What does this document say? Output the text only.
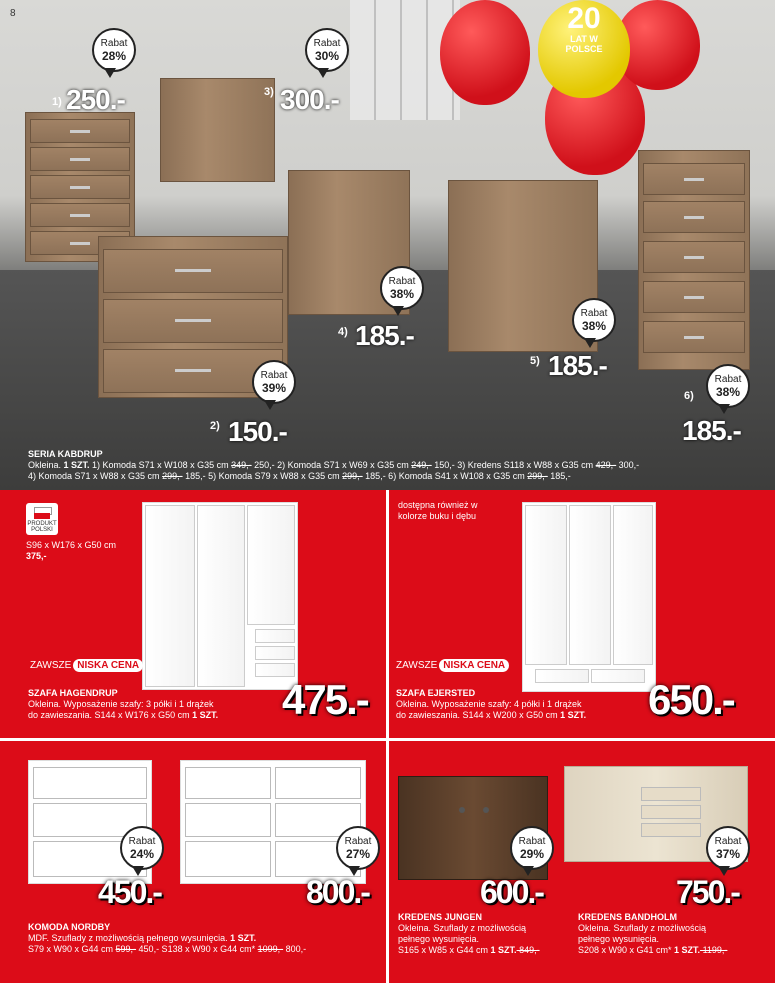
20
LAT W
POLSCE
8
Rabat
28%
Rabat
30%
Rabat
38%
Rabat
38%
Rabat
38%
Rabat
39%
1) 250.-	3) 300.-
4) 185.-
5) 185.-
6)
185.-
2) 150.-
SERIA KABDRUP
Okleina. 1 SZT. 1) Komoda S71 x W108 x G35 cm 349,- 250,- 2) Komoda S71 x W69 x G35 cm 249,- 150,- 3) Kredens S118 x W88 x G35 cm 429,- 300,-
4) Komoda S71 x W88 x G35 cm 299,- 185,- 5) Komoda S79 x W88 x G35 cm 299,- 185,- 6) Komoda S41 x W108 x G35 cm 299,- 185,-
PRODUKT POLSKI
S96 x W176 x G50 cm
375,-
ZAWSZE NISKA CENA
SZAFA HAGENDRUP
Okleina. Wyposażenie szafy: 3 półki i 1 drążek
do zawieszania. S144 x W176 x G50 cm 1 SZT. 475.-
dostępna również w
kolorze buku i dębu
ZAWSZE NISKA CENA
SZAFA EJERSTED
Okleina. Wyposażenie szafy: 4 półki i 1 drążek
do zawieszania. S144 x W200 x G50 cm 1 SZT. 650.-
Rabat
24%
Rabat
27%
450.-	800.-
KOMODA NORDBY
MDF. Szuflady z możliwością pełnego wysunięcia. 1 SZT.
S79 x W90 x G44 cm 599,- 450,- S138 x W90 x G44 cm* 1099,- 800,-
Rabat
29%
600.-
KREDENS JUNGEN
Okleina. Szuflady z możliwością
pełnego wysunięcia.
S165 x W85 x G44 cm 1 SZT. 849,-
Rabat
37%
750.-
KREDENS BANDHOLM
Okleina. Szuflady z możliwością
pełnego wysunięcia.
S208 x W90 x G41 cm* 1 SZT. 1199,-
